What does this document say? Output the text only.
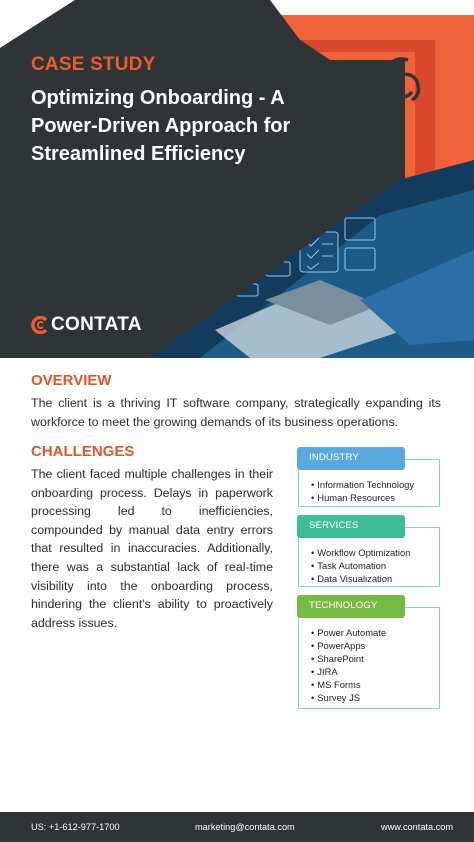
CASE STUDY
Optimizing Onboarding - A Power-Driven Approach for Streamlined Efficiency
CONTATA
OVERVIEW

The client is a thriving IT software company, strategically expanding its workforce to meet the growing demands of its business operations.

CHALLENGES

The client faced multiple challenges in their onboarding process. Delays in paperwork processing led to inefficiencies, compounded by manual data entry errors that resulted in inaccuracies. Additionally, there was a substantial lack of real-time visibility into the onboarding process, hindering the client's ability to proactively address issues.

• Information Technology
• Human Resources
INDUSTRY
• Workflow Optimization
• Task Automation
• Data Visualization
SERVICES
• Power Automate
• PowerApps
• SharePoint
• JIRA
• MS Forms
• Survey JS
TECHNOLOGY
US: +1-612-977-1700	marketing@contata.com	www.contata.com
